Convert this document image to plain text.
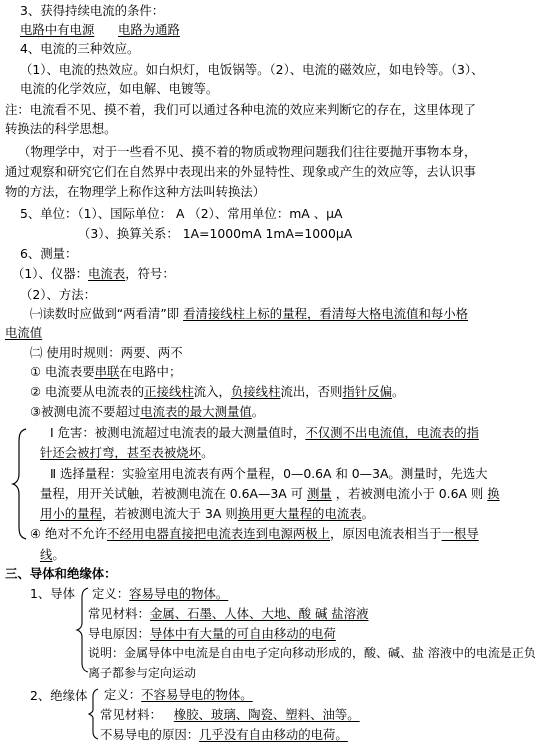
3、获得持续电流的条件：
电路中有电源 电路为通路
4、电流的三种效应。
（1）、电流的热效应。如白炽灯，电饭锅等。（2）、电流的磁效应，如电铃等。（3）、
电流的化学效应，如电解、电镀等。
注：电流看不见、摸不着，我们可以通过各种电流的效应来判断它的存在，这里体现了
转换法的科学思想。
（物理学中，对于一些看不见、摸不着的物质或物理问题我们往往要抛开事物本身，
通过观察和研究它们在自然界中表现出来的外显特性、现象或产生的效应等，去认识事
物的方法，在物理学上称作这种方法叫转换法）
5、单位：（1）、国际单位： A （2）、常用单位：mA 、μA
（3）、换算关系： 1A=1000mA 1mA=1000μA
6、测量：
（1）、仪器：电流表，符号：
（2）、方法：
㈠读数时应做到“两看清”即 看清接线柱上标的量程，看清每大格电流值和每小格
电流值
㈡ 使用时规则：两要、两不
① 电流表要串联在电路中；
② 电流要从电流表的正接线柱流入，负接线柱流出，否则指针反偏。
③被测电流不要超过电流表的最大测量值。
Ⅰ 危害：被测电流超过电流表的最大测量值时，不仅测不出电流值，电流表的指
针还会被打弯，甚至表被烧坏。
Ⅱ 选择量程：实验室用电流表有两个量程，0—0.6A 和 0—3A。测量时，先选大
量程，用开关试触，若被测电流在 0.6A—3A 可 测量 ，若被测电流小于 0.6A 则 换
用小的量程，若被测电流大于 3A 则换用更大量程的电流表。
④ 绝对不允许不经用电器直接把电流表连到电源两极上，原因电流表相当于一根导
线。
三、导体和绝缘体：
1、导体 定义：容易导电的物体。
常见材料：金属、石墨、人体、大地、酸 碱 盐溶液
导电原因：导体中有大量的可自由移动的电荷
说明：金属导体中电流是自由电子定向移动形成的，酸、碱、盐 溶液中的电流是正负
离子都参与定向运动
2、绝缘体 定义：不容易导电的物体。
常见材料： 橡胶、玻璃、陶瓷、塑料、油等。
不易导电的原因：几乎没有自由移动的电荷。
